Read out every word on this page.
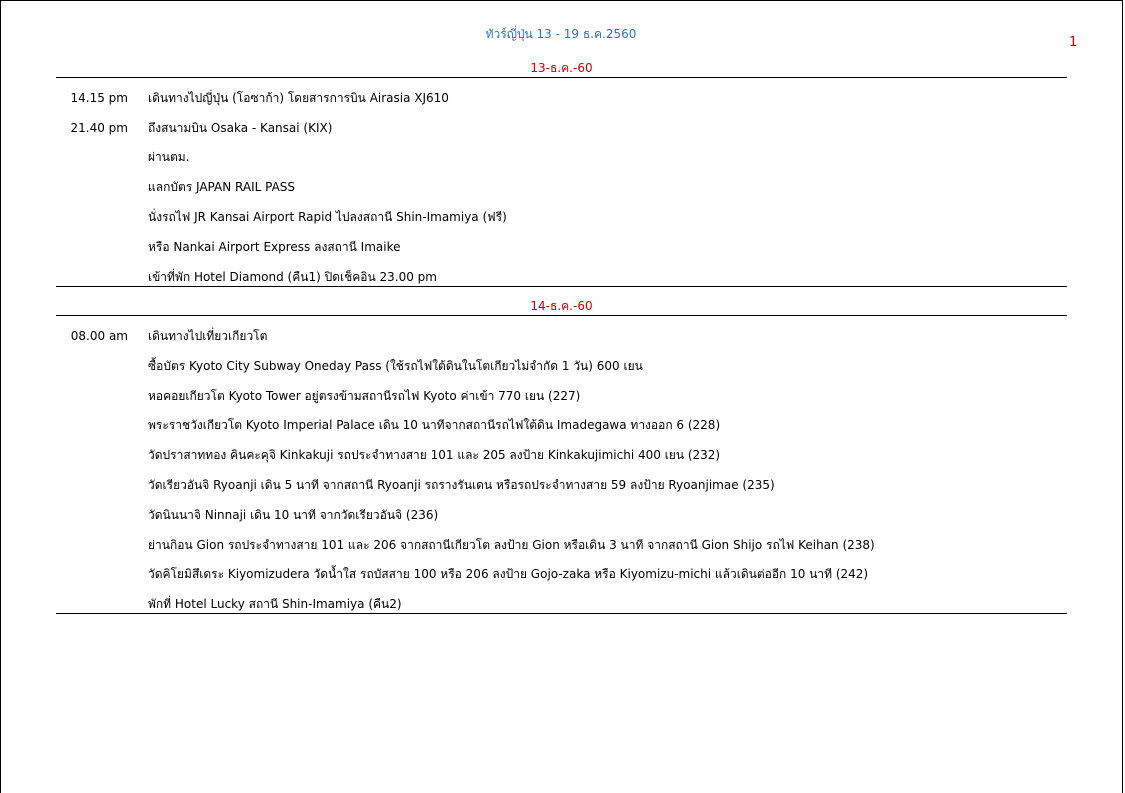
ทัวร์ญี่ปุ่น 13 - 19 ธ.ค.2560
1
13-ธ.ค.-60
14.15 pm เดินทางไปญี่ปุ่น (โอซาก้า) โดยสารการบิน Airasia XJ610
21.40 pm ถึงสนามบิน Osaka - Kansai (KIX)
ผ่านตม.
แลกบัตร JAPAN RAIL PASS
นั่งรถไฟ JR Kansai Airport Rapid ไปลงสถานี Shin-Imamiya (ฟรี)
หรือ Nankai Airport Express ลงสถานี Imaike
เข้าที่พัก Hotel Diamond (คืน1) ปิดเช็คอิน 23.00 pm
14-ธ.ค.-60
08.00 am เดินทางไปเที่ยวเกียวโต
ซื้อบัตร Kyoto City Subway Oneday Pass (ใช้รถไฟใต้ดินในโตเกียวไม่จำกัด 1 วัน) 600 เยน
หอคอยเกียวโต Kyoto Tower อยู่ตรงข้ามสถานีรถไฟ Kyoto ค่าเข้า 770 เยน (227)
พระราชวังเกียวโต Kyoto Imperial Palace เดิน 10 นาทีจากสถานีรถไฟใต้ดิน Imadegawa ทางออก 6 (228)
วัดปราสาททอง คินคะคุจิ Kinkakuji รถประจำทางสาย 101 และ 205 ลงป้าย Kinkakujimichi 400 เยน (232)
วัดเรียวอันจิ Ryoanji เดิน 5 นาที จากสถานี Ryoanji รถรางรันเดน หรือรถประจำทางสาย 59 ลงป้าย Ryoanjimae (235)
วัดนินนาจิ Ninnaji เดิน 10 นาที จากวัดเรียวอันจิ (236)
ย่านกิอน Gion รถประจำทางสาย 101 และ 206 จากสถานีเกียวโต ลงป้าย Gion หรือเดิน 3 นาที จากสถานี Gion Shijo รถไฟ Keihan (238)
วัดคิโยมิสึเดระ Kiyomizudera วัดน้ำใส รถบัสสาย 100 หรือ 206 ลงป้าย Gojo-zaka หรือ Kiyomizu-michi แล้วเดินต่ออีก 10 นาที (242)
พักที่ Hotel Lucky สถานี Shin-Imamiya (คืน2)
